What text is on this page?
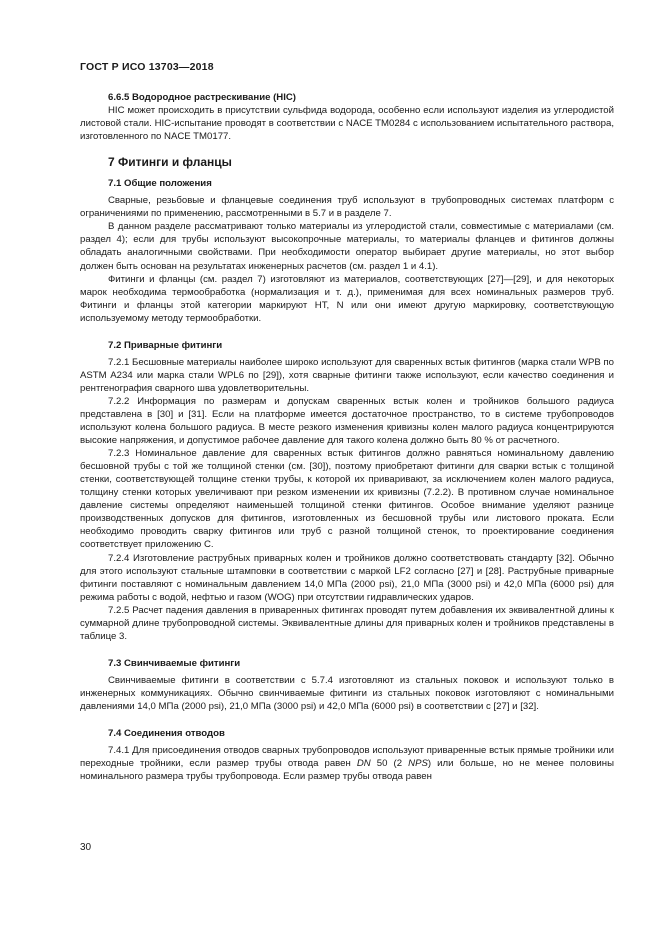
ГОСТ Р ИСО 13703—2018
6.6.5 Водородное растрескивание (HIC)

HIC может происходить в присутствии сульфида водорода, особенно если используют изделия из углеродистой листовой стали. HIC-испытание проводят в соответствии с NACE TM0284 с использованием испытательного раствора, изготовленного по NACE TM0177.

7 Фитинги и фланцы
7.1 Общие положения

Сварные, резьбовые и фланцевые соединения труб используют в трубопроводных системах платформ с ограничениями по применению, рассмотренными в 5.7 и в разделе 7.

В данном разделе рассматривают только материалы из углеродистой стали, совместимые с материалами (см. раздел 4); если для трубы используют высокопрочные материалы, то материалы фланцев и фитингов должны обладать аналогичными свойствами. При необходимости оператор выбирает другие материалы, но этот выбор должен быть основан на результатах инженерных расчетов (см. раздел 1 и 4.1).

Фитинги и фланцы (см. раздел 7) изготовляют из материалов, соответствующих [27]—[29], и для некоторых марок необходима термообработка (нормализация и т. д.), применимая для всех номинальных размеров труб. Фитинги и фланцы этой категории маркируют HT, N или они имеют другую маркировку, соответствующую используемому методу термообработки.

7.2 Приварные фитинги

7.2.1 Бесшовные материалы наиболее широко используют для сваренных встык фитингов (марка стали WPB по ASTM A234 или марка стали WPL6 по [29]), хотя сварные фитинги также используют, если качество соединения и рентгенография сварного шва удовлетворительны.

7.2.2 Информация по размерам и допускам сваренных встык колен и тройников большого радиуса представлена в [30] и [31]. Если на платформе имеется достаточное пространство, то в системе трубопроводов используют колена большого радиуса. В месте резкого изменения кривизны колен малого радиуса концентрируются высокие напряжения, и допустимое рабочее давление для такого колена должно быть 80 % от расчетного.

7.2.3 Номинальное давление для сваренных встык фитингов должно равняться номинальному давлению бесшовной трубы с той же толщиной стенки (см. [30]), поэтому приобретают фитинги для сварки встык с толщиной стенки, соответствующей толщине стенки трубы, к которой их приваривают, за исключением колен малого радиуса, толщину стенки которых увеличивают при резком изменении их кривизны (7.2.2). В противном случае номинальное давление системы определяют наименьшей толщиной стенки фитингов. Особое внимание уделяют разнице производственных допусков для фитингов, изготовленных из бесшовной трубы или листового проката. Если необходимо проводить сварку фитингов или труб с разной толщиной стенок, то проектирование соединения соответствует приложению С.

7.2.4 Изготовление раструбных приварных колен и тройников должно соответствовать стандарту [32]. Обычно для этого используют стальные штамповки в соответствии с маркой LF2 согласно [27] и [28]. Раструбные приварные фитинги поставляют с номинальным давлением 14,0 МПа (2000 psi), 21,0 МПа (3000 psi) и 42,0 МПа (6000 psi) для режима работы с водой, нефтью и газом (WOG) при отсутствии гидравлических ударов.

7.2.5 Расчет падения давления в приваренных фитингах проводят путем добавления их эквивалентной длины к суммарной длине трубопроводной системы. Эквивалентные длины для приварных колен и тройников представлены в таблице 3.

7.3 Свинчиваемые фитинги

Свинчиваемые фитинги в соответствии с 5.7.4 изготовляют из стальных поковок и используют только в инженерных коммуникациях. Обычно свинчиваемые фитинги из стальных поковок изготовляют с номинальными давлениями 14,0 МПа (2000 psi), 21,0 МПа (3000 psi) и 42,0 МПа (6000 psi) в соответствии с [27] и [32].

7.4 Соединения отводов

7.4.1 Для присоединения отводов сварных трубопроводов используют приваренные встык прямые тройники или переходные тройники, если размер трубы отвода равен DN 50 (2 NPS) или больше, но не менее половины номинального размера трубы трубопровода. Если размер трубы отвода равен

30
